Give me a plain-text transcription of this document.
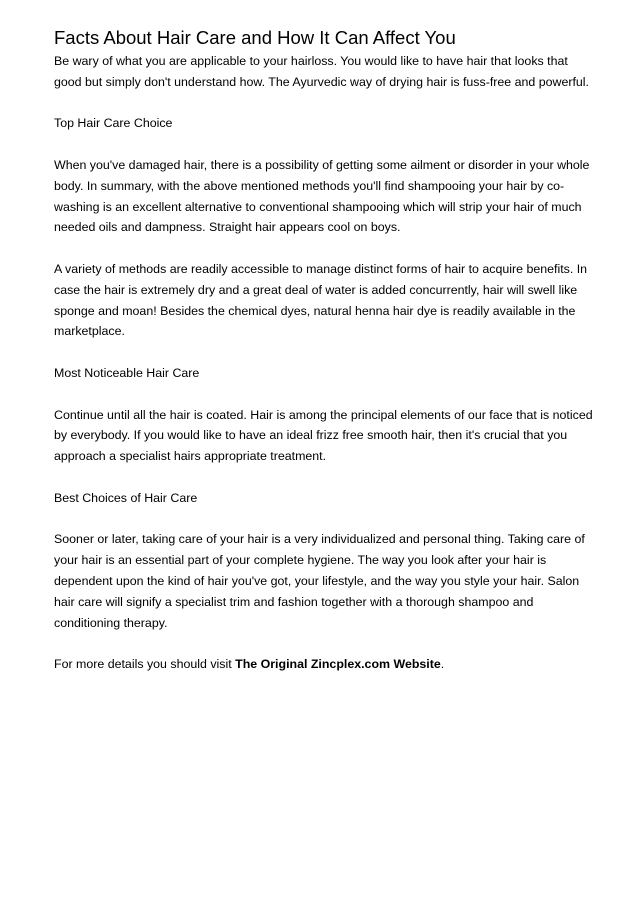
Facts About Hair Care and How It Can Affect You

Be wary of what you are applicable to your hairloss. You would like to have hair that looks that good but simply don't understand how. The Ayurvedic way of drying hair is fuss-free and powerful.

Top Hair Care Choice

When you've damaged hair, there is a possibility of getting some ailment or disorder in your whole body. In summary, with the above mentioned methods you'll find shampooing your hair by co-washing is an excellent alternative to conventional shampooing which will strip your hair of much needed oils and dampness. Straight hair appears cool on boys.

A variety of methods are readily accessible to manage distinct forms of hair to acquire benefits. In case the hair is extremely dry and a great deal of water is added concurrently, hair will swell like sponge and moan! Besides the chemical dyes, natural henna hair dye is readily available in the marketplace.

Most Noticeable Hair Care

Continue until all the hair is coated. Hair is among the principal elements of our face that is noticed by everybody. If you would like to have an ideal frizz free smooth hair, then it's crucial that you approach a specialist hairs appropriate treatment.

Best Choices of Hair Care

Sooner or later, taking care of your hair is a very individualized and personal thing. Taking care of your hair is an essential part of your complete hygiene. The way you look after your hair is dependent upon the kind of hair you've got, your lifestyle, and the way you style your hair. Salon hair care will signify a specialist trim and fashion together with a thorough shampoo and conditioning therapy.

For more details you should visit The Original Zincplex.com Website.
